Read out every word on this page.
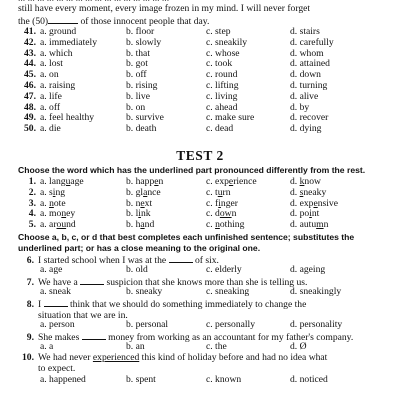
still have every moment, every image frozen in my mind. I will never forget
the (50)	of those innocent people that day.
41. a. ground	b. floor	c. step	d. stairs
42. a. immediately	b. slowly	c. sneakily	d. carefully
43. a. which	b. that	c. whose	d. whom
44. a. lost	b. got	c. took	d. attained
45. a. on	b. off	c. round	d. down
46. a. raising	b. rising	c. lifting	d. turning
47. a. life	b. live	c. living	d. alive
48. a. off	b. on	c. ahead	d. by
49. a. feel healthy	b. survive	c. make sure	d. recover
50. a. die	b. death	c. dead	d. dying
TEST 2
Choose the word which has the underlined part pronounced differently from the rest.
1. a. language	b. happen	c. experience	d. know
2. a. sing	b. glance	c. turn	d. sneaky
3. a. note	b. next	c. finger	d. expensive
4. a. money	b. link	c. down	d. point
5. a. around	b. hand	c. nothing	d. autumn
Choose a, b, c, or d that best completes each unfinished sentence; substitutes the underlined part; or has a close meaning to the original one.
6. I started school when I was at the	of six.
a. age	b. old	c. elderly	d. ageing
7. We have a	suspicion that she knows more than she is telling us.
a. sneak	b. sneaky	c. sneaking	d. sneakingly
8. I	think that we should do something immediately to change the
situation that we are in.
a. person	b. personal	c. personally	d. personality
9. She makes	money from working as an accountant for my father's company.
a. a	b. an	c. the	d. Ø
10. We had never experienced this kind of holiday before and had no idea what
to expect.
a. happened	b. spent	c. known	d. noticed
